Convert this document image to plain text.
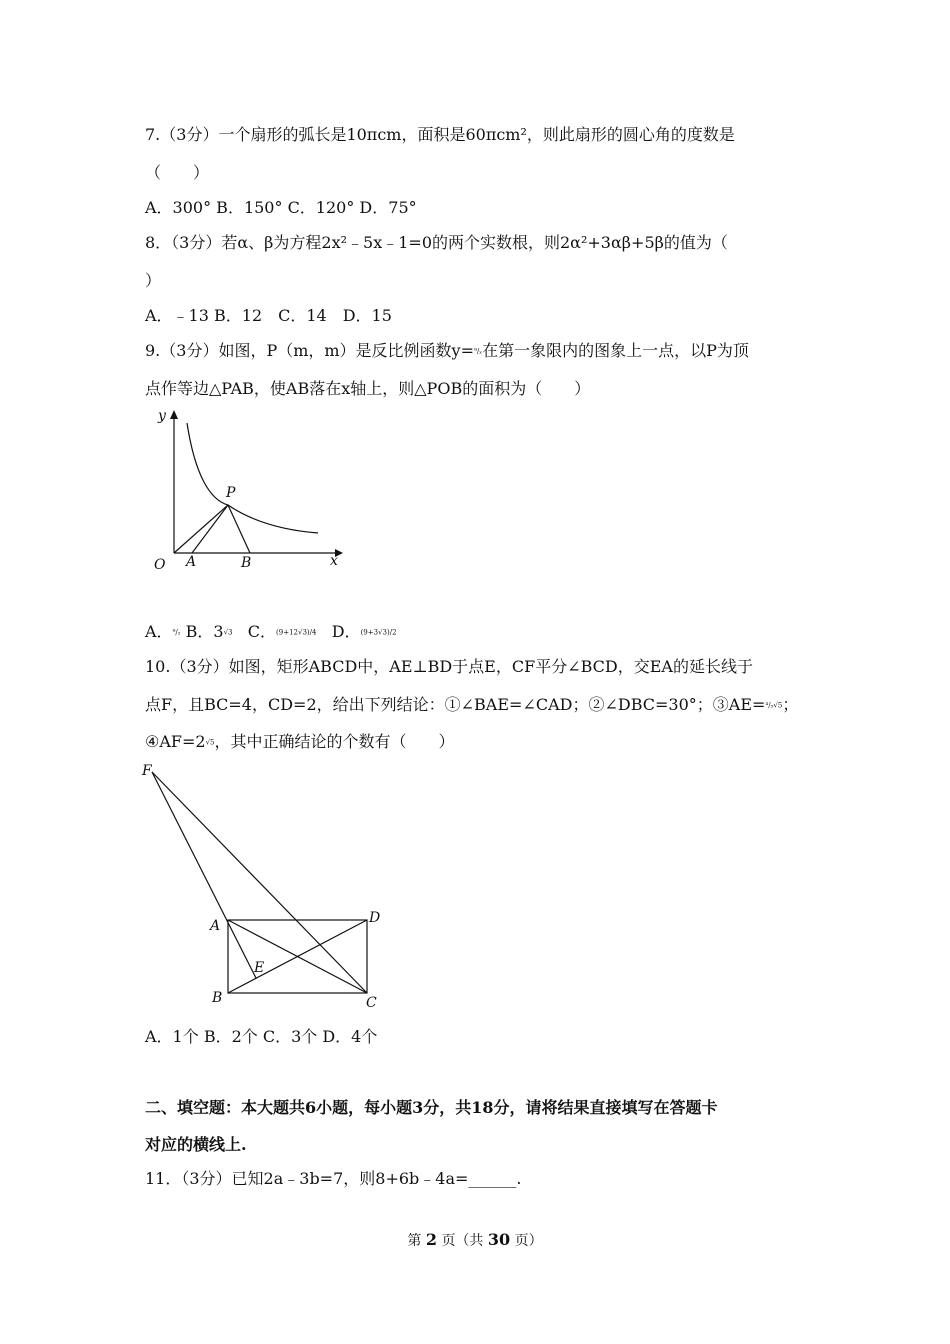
7.（3分）一个扇形的弧长是10πcm，面积是60πcm²，则此扇形的圆心角的度数是
（　　）
A．300° B．150° C．120° D．75°
8．（3分）若α、β为方程2x²﹣5x﹣1=0的两个实数根，则2α²+3αβ+5β的值为（
）
A．﹣13 B．12　C．14　D．15
9.（3分）如图，P（m，m）是反比例函数y=⁹/ₓ在第一象限内的图象上一点，以P为顶
点作等边△PAB，使AB落在x轴上，则△POB的面积为（　　）
y
x
O A	B
P
A．⁹/₂ B．3√3 C．(9+12√3)/4 D．(9+3√3)/2
10.（3分）如图，矩形ABCD中，AE⊥BD于点E，CF平分∠BCD，交EA的延长线于
点F，且BC=4，CD=2，给出下列结论：①∠BAE=∠CAD；②∠DBC=30°；③AE=⁴/₅√5；
④AF=2√5，其中正确结论的个数有（　　）
F
A	D
E
B	C
A．1个 B．2个 C．3个 D．4个
二、填空题：本大题共6小题，每小题3分，共18分，请将结果直接填写在答题卡
对应的横线上.
11．（3分）已知2a﹣3b=7，则8+6b﹣4a=______.
第 2 页（共 30 页）
